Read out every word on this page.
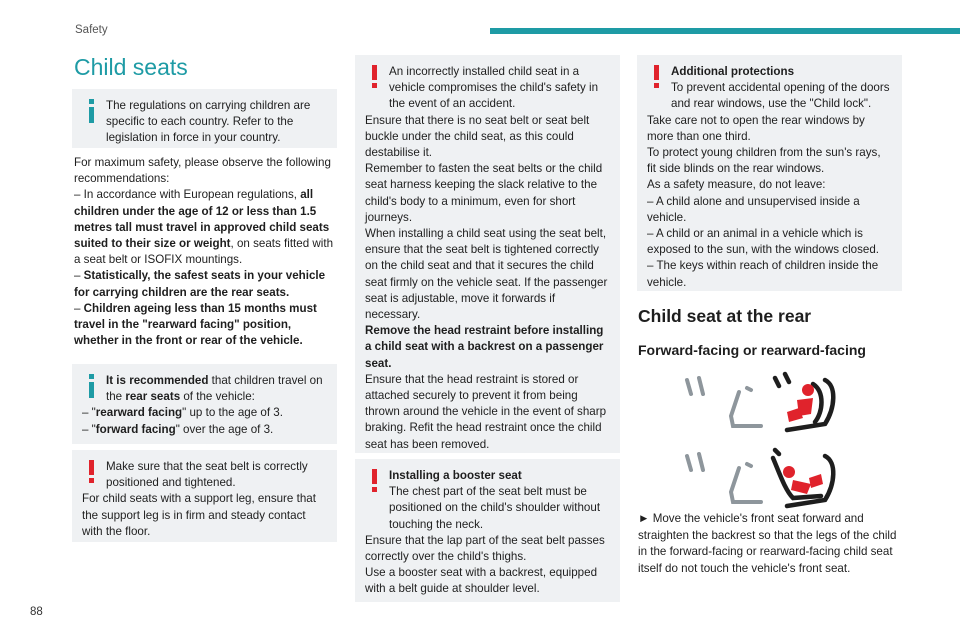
Safety
Child seats

The regulations on carrying children are specific to each country. Refer to the legislation in force in your country.

For maximum safety, please observe the following recommendations:

– In accordance with European regulations, all children under the age of 12 or less than 1.5 metres tall must travel in approved child seats suited to their size or weight, on seats fitted with a seat belt or ISOFIX mountings.

– Statistically, the safest seats in your vehicle for carrying children are the rear seats.

– Children ageing less than 15 months must travel in the "rearward facing" position, whether in the front or rear of the vehicle.

It is recommended that children travel on the rear seats of the vehicle:

– "rearward facing" up to the age of 3.

– "forward facing" over the age of 3.

Make sure that the seat belt is correctly positioned and tightened.

For child seats with a support leg, ensure that the support leg is in firm and steady contact with the floor.

An incorrectly installed child seat in a vehicle compromises the child's safety in the event of an accident.

Ensure that there is no seat belt or seat belt buckle under the child seat, as this could destabilise it.

Remember to fasten the seat belts or the child seat harness keeping the slack relative to the child's body to a minimum, even for short journeys.

When installing a child seat using the seat belt, ensure that the seat belt is tightened correctly on the child seat and that it secures the child seat firmly on the vehicle seat. If the passenger seat is adjustable, move it forwards if necessary.

Remove the head restraint before installing a child seat with a backrest on a passenger seat.

Ensure that the head restraint is stored or attached securely to prevent it from being thrown around the vehicle in the event of sharp braking. Refit the head restraint once the child seat has been removed.

Installing a booster seat

The chest part of the seat belt must be positioned on the child's shoulder without touching the neck.

Ensure that the lap part of the seat belt passes correctly over the child's thighs.

Use a booster seat with a backrest, equipped with a belt guide at shoulder level.

Additional protections

To prevent accidental opening of the doors and rear windows, use the "Child lock".

Take care not to open the rear windows by more than one third.

To protect young children from the sun's rays, fit side blinds on the rear windows.

As a safety measure, do not leave:

– A child alone and unsupervised inside a vehicle.

– A child or an animal in a vehicle which is exposed to the sun, with the windows closed.

– The keys within reach of children inside the vehicle.

Child seat at the rear
Forward-facing or rearward-facing

► Move the vehicle's front seat forward and straighten the backrest so that the legs of the child in the forward-facing or rearward-facing child seat itself do not touch the vehicle's front seat.

88
